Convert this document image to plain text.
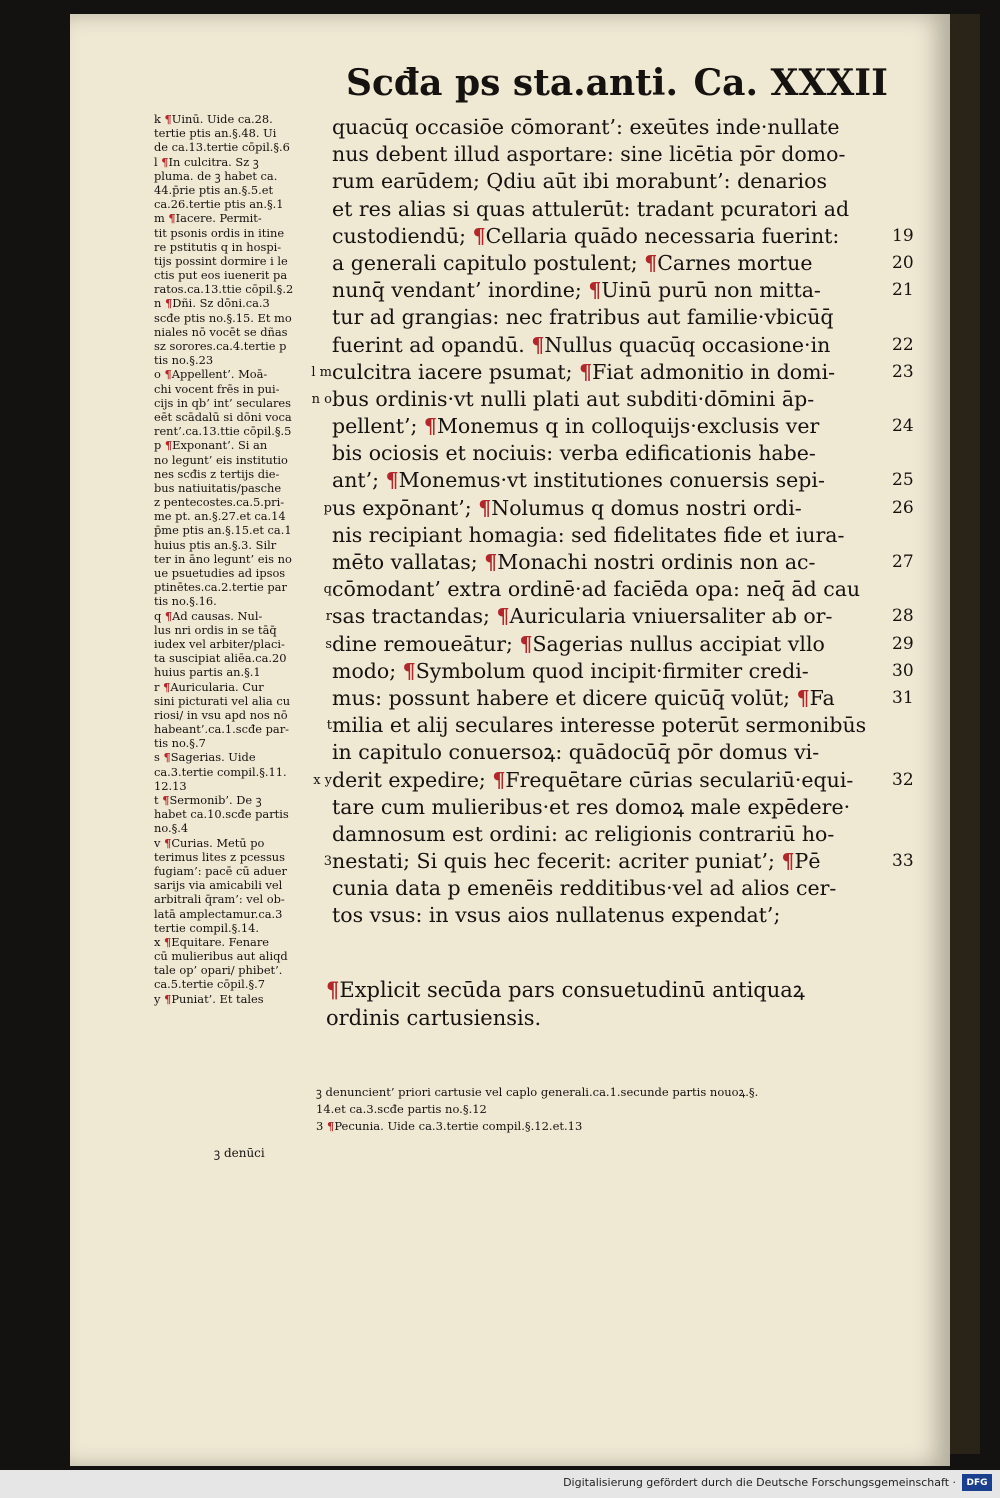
Scđa ps sta.anti. Ca. XXXII
k ¶Uinū. Uide ca.28.
tertie ptis an.§.48. Ui
de ca.13.tertie cōpil.§.6
l ¶In culcitra. Sz ꝫ
pluma. de ꝫ habet ca.
44.p̄rie ptis an.§.5.et
ca.26.tertie ptis an.§.1
m ¶Iacere. Permit-
tit psonis ordis in itine
re pstitutis q in hospi-
tijs possint dormire i le
ctis put eos iuenerit pa
ratos.ca.13.ttie cōpil.§.2
n ¶Dñi. Sz dōni.ca.3
scđe ptis no.§.15. Et mo
niales nō vocēt se dñas
sz sorores.ca.4.tertie p
tis no.§.23
o ¶Appellent’. Moā-
chi vocent frēs in pui-
cijs in qb’ int’ seculares
eēt scādalū si dōni voca
rent’.ca.13.ttie cōpil.§.5
p ¶Exponant’. Si an
no legunt’ eis institutio
nes scđis z tertijs die-
bus natiuitatis/pasche
z pentecostes.ca.5.pri-
me pt. an.§.27.et ca.14
p̄me ptis an.§.15.et ca.1
huius ptis an.§.3. Silr
ter in āno legunt’ eis no
ue psuetudies ad ipsos
ptinētes.ca.2.tertie par
tis no.§.16.
q ¶Ad causas. Nul-
lus nri ordis in se tāq̄
iudex vel arbiter/placi-
ta suscipiat aliēa.ca.20
huius partis an.§.1
r ¶Auricularia. Cur
sini picturati vel alia cu
riosi/ in vsu apd nos nō
habeant’.ca.1.scđe par-
tis no.§.7
s ¶Sagerias. Uide
ca.3.tertie compil.§.11.
12.13
t ¶Sermonib’. De ꝫ
habet ca.10.scđe partis
no.§.4
v ¶Curias. Metū po
terimus lites z pcessus
fugiam’: pacē cū aduer
sarijs via amicabili vel
arbitrali q̄ram’: vel ob-
latā amplectamur.ca.3
tertie compil.§.14.
x ¶Equitare. Fenare
cū mulieribus aut aliqd
tale op’ opari/ phibet’.
ca.5.tertie cōpil.§.7
y ¶Puniat’. Et tales
l m n o
p
q
r
s
t
x y
3
quacūq occasiōe cōmorant’: exeūtes inde·nullate
nus debent illud asportare: sine licētia pōr domo-
rum earūdem; Qdiu aūt ibi morabunt’: denarios
et res alias si quas attulerūt: tradant pcuratori ad
custodiendū; ¶Cellaria quādo necessaria fuerint:
a generali capitulo postulent; ¶Carnes mortue
nunq̄ vendant’ inordine; ¶Uinū purū non mitta-
tur ad grangias: nec fratribus aut familie·vbicūq̄
fuerint ad opandū. ¶Nullus quacūq occasione·in
culcitra iacere psumat; ¶Fiat admonitio in domi-
bus ordinis·vt nulli plati aut subditi·dōmini āp-
pellent’; ¶Monemus q in colloquijs·exclusis ver
bis ociosis et nociuis: verba edificationis habe-
ant’; ¶Monemus·vt institutiones conuersis sepi-
us expōnant’; ¶Nolumus q domus nostri ordi-
nis recipiant homagia: sed fidelitates fide et iura-
mēto vallatas; ¶Monachi nostri ordinis non ac-
cōmodant’ extra ordinē·ad faciēda opa: neq̄ ād cau
sas tractandas; ¶Auricularia vniuersaliter ab or-
dine remoueātur; ¶Sagerias nullus accipiat vllo
modo; ¶Symbolum quod incipit·firmiter credi-
mus: possunt habere et dicere quicūq̄ volūt; ¶Fa
milia et alij seculares interesse poterūt sermonibūs
in capitulo conuersoꝝ: quādocūq̄ pōr domus vi-
derit expedire; ¶Frequētare cūrias seculariū·equi-
tare cum mulieribus·et res domoꝝ male expēdere·
damnosum est ordini: ac religionis contrariū ho-
nestati; Si quis hec fecerit: acriter puniat’; ¶Pē
cunia data p emenēis redditibus·vel ad alios cer-
tos vsus: in vsus aios nullatenus expendat’;
19
20
21
22
23
24
25
26
27
28
29
30
31
32
33
¶Explicit secūda pars consuetudinū antiquaꝝ
ordinis cartusiensis.
ꝫ denuncient’ priori cartusie vel caplo generali.ca.1.secunde partis nouoꝝ.§.
14.et ca.3.scđe partis no.§.12
3 ¶Pecunia. Uide ca.3.tertie compil.§.12.et.13
ꝫ denūci
Digitalisierung gefördert durch die Deutsche Forschungsgemeinschaft ·	DFG
